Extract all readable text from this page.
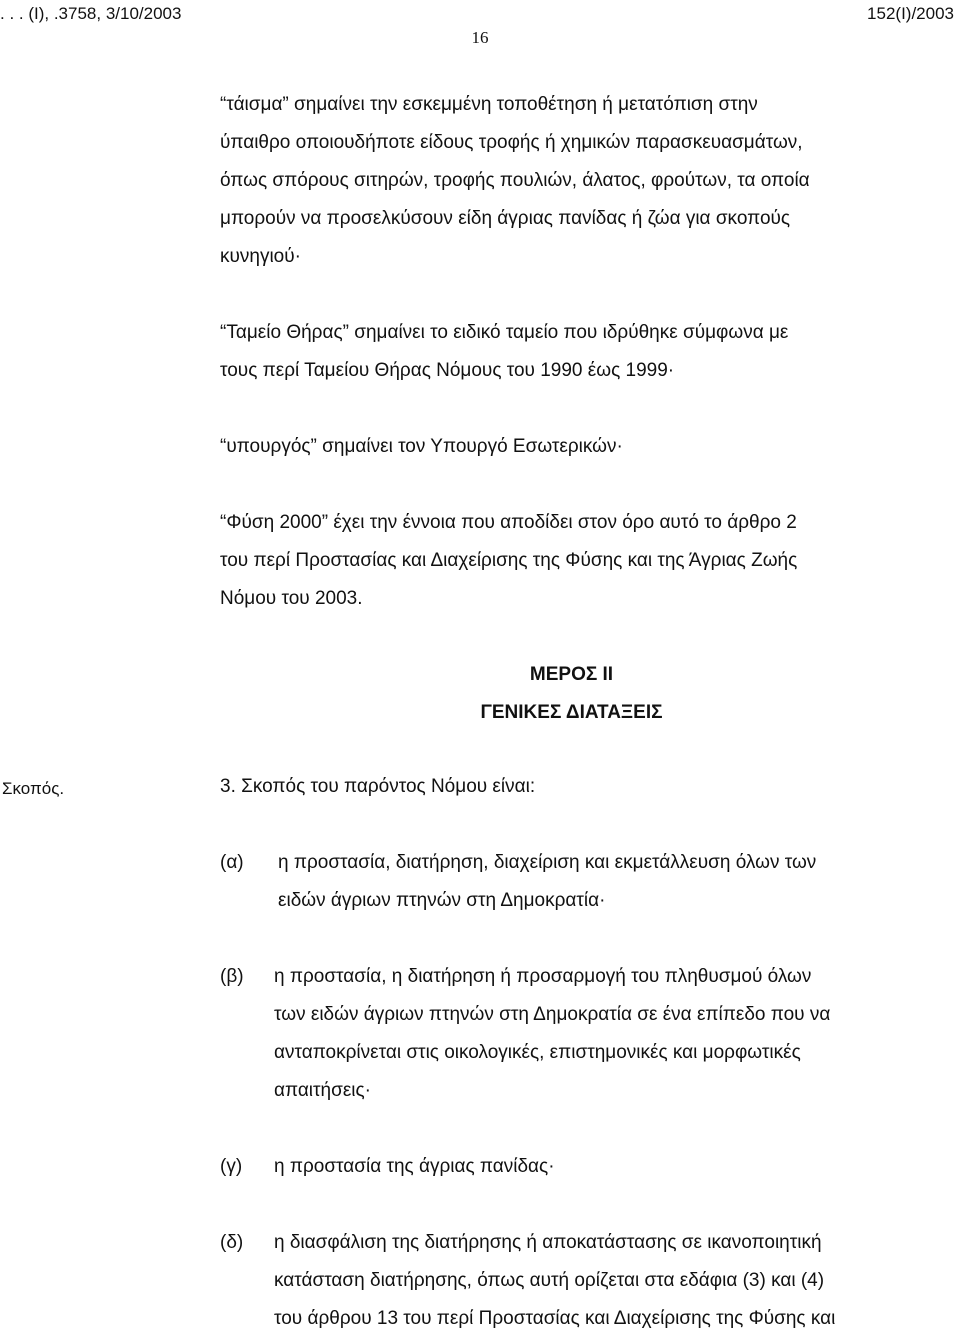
. . . (Ι), .3758, 3/10/2003	152(Ι)/2003
16
“τάισμα” σημαίνει την εσκεμμένη τοποθέτηση ή μετατόπιση στην
ύπαιθρο οποιουδήποτε είδους τροφής ή χημικών παρασκευασμάτων,
όπως σπόρους σιτηρών, τροφής πουλιών, άλατος, φρούτων, τα οποία
μπορούν να προσελκύσουν είδη άγριας πανίδας ή ζώα για σκοπούς
κυνηγιού·
“Ταμείο Θήρας” σημαίνει το ειδικό ταμείο που ιδρύθηκε σύμφωνα με
τους περί Ταμείου Θήρας Νόμους του 1990 έως 1999·
“υπουργός” σημαίνει τον Υπουργό Εσωτερικών·
“Φύση 2000” έχει την έννοια που αποδίδει στον όρο αυτό το άρθρο 2
του περί Προστασίας και Διαχείρισης της Φύσης και της Άγριας Ζωής
Νόμου του 2003.
ΜΕΡΟΣ ΙΙ
ΓΕΝΙΚΕΣ ΔΙΑΤΑΞΕΙΣ
Σκοπός.	3. Σκοπός του παρόντος Νόμου είναι:
(α)	η προστασία, διατήρηση, διαχείριση και εκμετάλλευση όλων των
ειδών άγριων πτηνών στη Δημοκρατία·
(β)	η προστασία, η διατήρηση ή προσαρμογή του πληθυσμού όλων
των ειδών άγριων πτηνών στη Δημοκρατία σε ένα επίπεδο που να
ανταποκρίνεται στις οικολογικές, επιστημονικές και μορφωτικές
απαιτήσεις·
(γ)	η προστασία της άγριας πανίδας·
(δ)	η διασφάλιση της διατήρησης ή αποκατάστασης σε ικανοποιητική
κατάσταση διατήρησης, όπως αυτή ορίζεται στα εδάφια (3) και (4)
του άρθρου 13 του περί Προστασίας και Διαχείρισης της Φύσης και
